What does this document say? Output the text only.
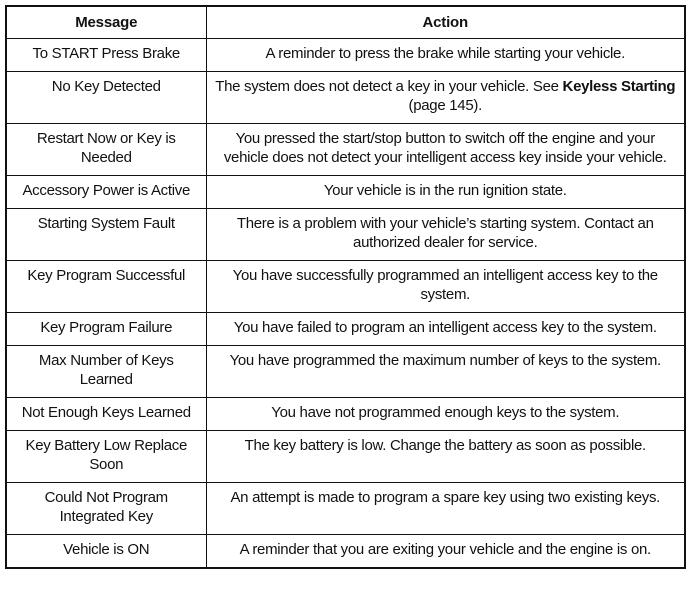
Message	Action
To START Press Brake	A reminder to press the brake while starting your vehicle.
No Key Detected	The system does not detect a key in your vehicle. See Keyless Starting (page 145).
Restart Now or Key is Needed	You pressed the start/stop button to switch off the engine and your vehicle does not detect your intelligent access key inside your vehicle.
Accessory Power is Active	Your vehicle is in the run ignition state.
Starting System Fault	There is a problem with your vehicle’s starting system. Contact an authorized dealer for service.
Key Program Successful	You have successfully programmed an intelligent access key to the system.
Key Program Failure	You have failed to program an intelligent access key to the system.
Max Number of Keys Learned	You have programmed the maximum number of keys to the system.
Not Enough Keys Learned	You have not programmed enough keys to the system.
Key Battery Low Replace Soon	The key battery is low. Change the battery as soon as possible.
Could Not Program Integrated Key	An attempt is made to program a spare key using two existing keys.
Vehicle is ON	A reminder that you are exiting your vehicle and the engine is on.
